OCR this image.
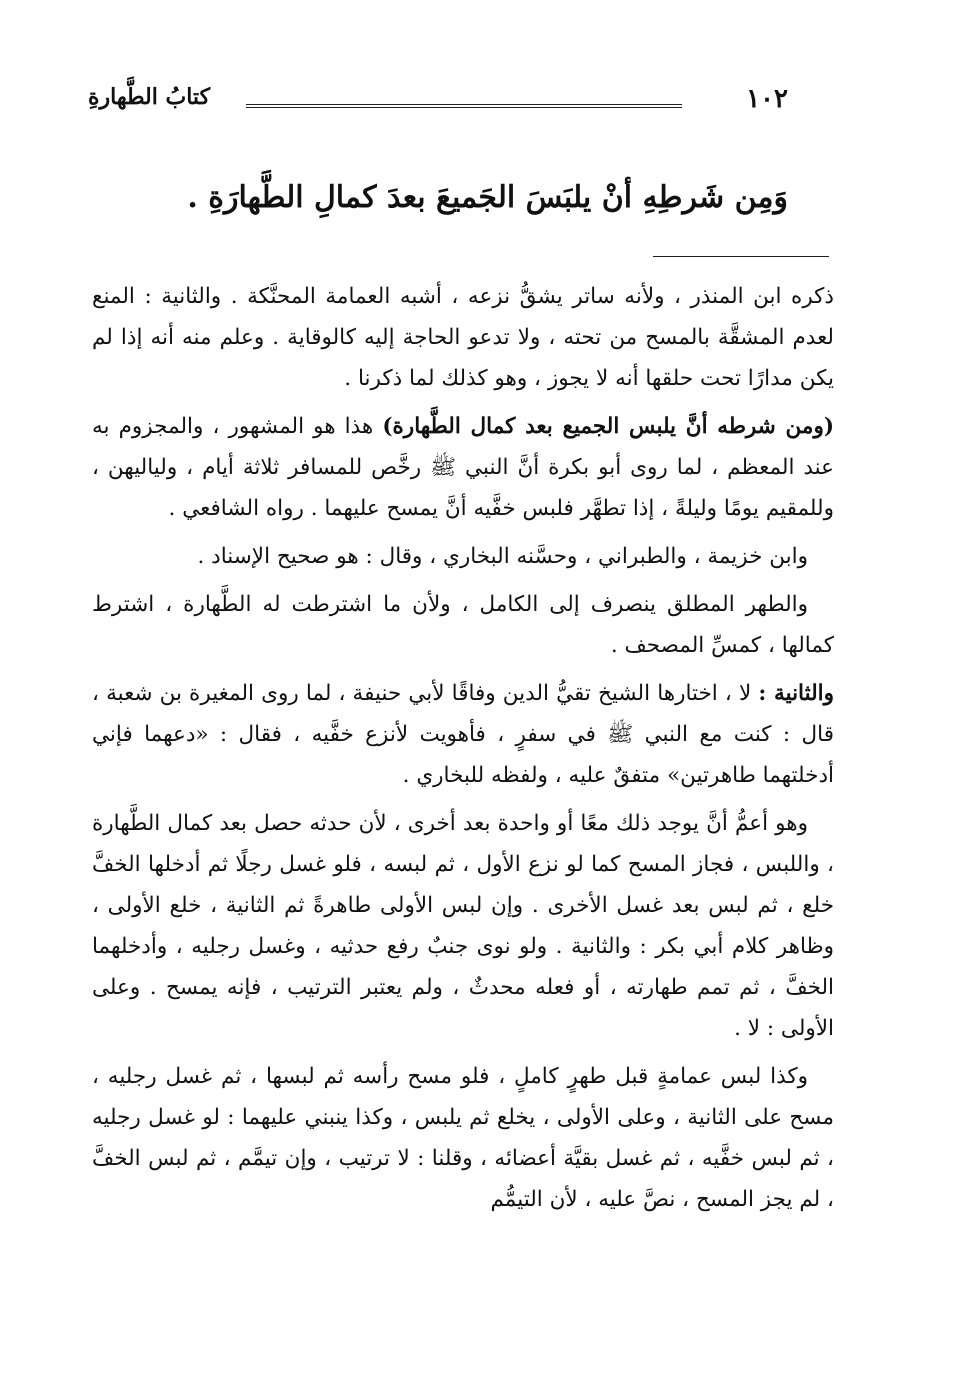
١٠٢
كتابُ الطَّهارةِ
وَمِن شَرطِهِ أنْ يلبَسَ الجَميعَ بعدَ كمالِ الطَّهارَةِ .

ذكره ابن المنذر ، ولأنه ساتر يشقُّ نزعه ، أشبه العمامة المحنَّكة . والثانية : المنع لعدم المشقَّة بالمسح من تحته ، ولا تدعو الحاجة إليه كالوقاية . وعلم منه أنه إذا لم يكن مدارًا تحت حلقها أنه لا يجوز ، وهو كذلك لما ذكرنا .

(ومن شرطه أنَّ يلبس الجميع بعد كمال الطَّهارة) هذا هو المشهور ، والمجزوم به عند المعظم ، لما روى أبو بكرة أنَّ النبي ﷺ رخَّص للمسافر ثلاثة أيام ، ولياليهن ، وللمقيم يومًا وليلةً ، إذا تطهَّر فلبس خفَّيه أنَّ يمسح عليهما . رواه الشافعي .

وابن خزيمة ، والطبراني ، وحسَّنه البخاري ، وقال : هو صحيح الإسناد .

والطهر المطلق ينصرف إلى الكامل ، ولأن ما اشترطت له الطَّهارة ، اشترط كمالها ، كمسِّ المصحف .

والثانية : لا ، اختارها الشيخ تقيُّ الدين وفاقًا لأبي حنيفة ، لما روى المغيرة بن شعبة ، قال : كنت مع النبي ﷺ في سفرٍ ، فأهويت لأنزع خفَّيه ، فقال : «دعهما فإني أدخلتهما طاهرتين» متفقٌ عليه ، ولفظه للبخاري .

وهو أعمُّ أنَّ يوجد ذلك معًا أو واحدة بعد أخرى ، لأن حدثه حصل بعد كمال الطَّهارة ، واللبس ، فجاز المسح كما لو نزع الأول ، ثم لبسه ، فلو غسل رجلًا ثم أدخلها الخفَّ خلع ، ثم لبس بعد غسل الأخرى . وإن لبس الأولى طاهرةً ثم الثانية ، خلع الأولى ، وظاهر كلام أبي بكر : والثانية . ولو نوى جنبٌ رفع حدثيه ، وغسل رجليه ، وأدخلهما الخفَّ ، ثم تمم طهارته ، أو فعله محدثٌ ، ولم يعتبر الترتيب ، فإنه يمسح . وعلى الأولى : لا .

وكذا لبس عمامةٍ قبل طهرٍ كاملٍ ، فلو مسح رأسه ثم لبسها ، ثم غسل رجليه ، مسح على الثانية ، وعلى الأولى ، يخلع ثم يلبس ، وكذا ينبني عليهما : لو غسل رجليه ، ثم لبس خفَّيه ، ثم غسل بقيَّة أعضائه ، وقلنا : لا ترتيب ، وإن تيمَّم ، ثم لبس الخفَّ ، لم يجز المسح ، نصَّ عليه ، لأن التيمُّم
